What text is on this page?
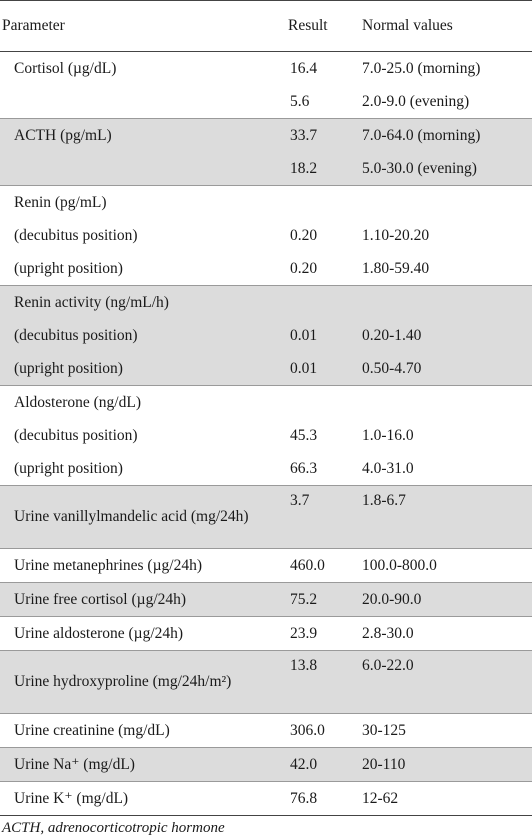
Parameter	Result	Normal values
Cortisol (µg/dL)	16.4	7.0-25.0 (morning)
	5.6	2.0-9.0 (evening)
ACTH (pg/mL)	33.7	7.0-64.0 (morning)
	18.2	5.0-30.0 (evening)
Renin (pg/mL)		
(decubitus position)	0.20	1.10-20.20
(upright position)	0.20	1.80-59.40
Renin activity (ng/mL/h)		
(decubitus position)	0.01	0.20-1.40
(upright position)	0.01	0.50-4.70
Aldosterone (ng/dL)		
(decubitus position)	45.3	1.0-16.0
(upright position)	66.3	4.0-31.0
Urine vanillylmandelic acid (mg/24h)	3.7	1.8-6.7
Urine metanephrines (µg/24h)	460.0	100.0-800.0
Urine free cortisol (µg/24h)	75.2	20.0-90.0
Urine aldosterone (µg/24h)	23.9	2.8-30.0
Urine hydroxyproline (mg/24h/m²)	13.8	6.0-22.0
Urine creatinine (mg/dL)	306.0	30-125
Urine Na⁺ (mg/dL)	42.0	20-110
Urine K⁺ (mg/dL)	76.8	12-62
ACTH, adrenocorticotropic hormone
